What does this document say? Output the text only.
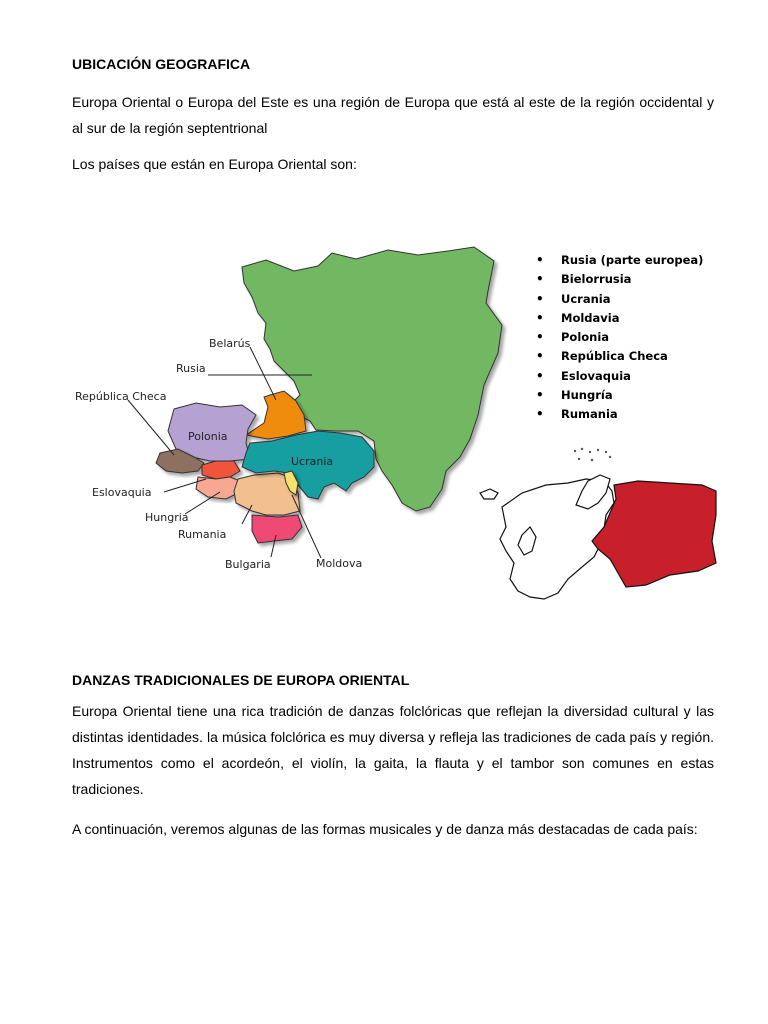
UBICACIÓN GEOGRAFICA

Europa Oriental o Europa del Este es una región de Europa que está al este de la región occidental y al sur de la región septentrional

Los países que están en Europa Oriental son:

Belarús
Rusia
República Checa
Polonia
Ucrania
Eslovaquia
Hungria
Rumania
Bulgaria	Moldova
• Rusia (parte europea)
• Bielorrusia
• Ucrania
• Moldavia
• Polonia
• República Checa
• Eslovaquia
• Hungría
• Rumania
DANZAS TRADICIONALES DE EUROPA ORIENTAL

Europa Oriental tiene una rica tradición de danzas folclóricas que reflejan la diversidad cultural y las distintas identidades. la música folclórica es muy diversa y refleja las tradiciones de cada país y región. Instrumentos como el acordeón, el violín, la gaita, la flauta y el tambor son comunes en estas tradiciones.

A continuación, veremos algunas de las formas musicales y de danza más destacadas de cada país:
